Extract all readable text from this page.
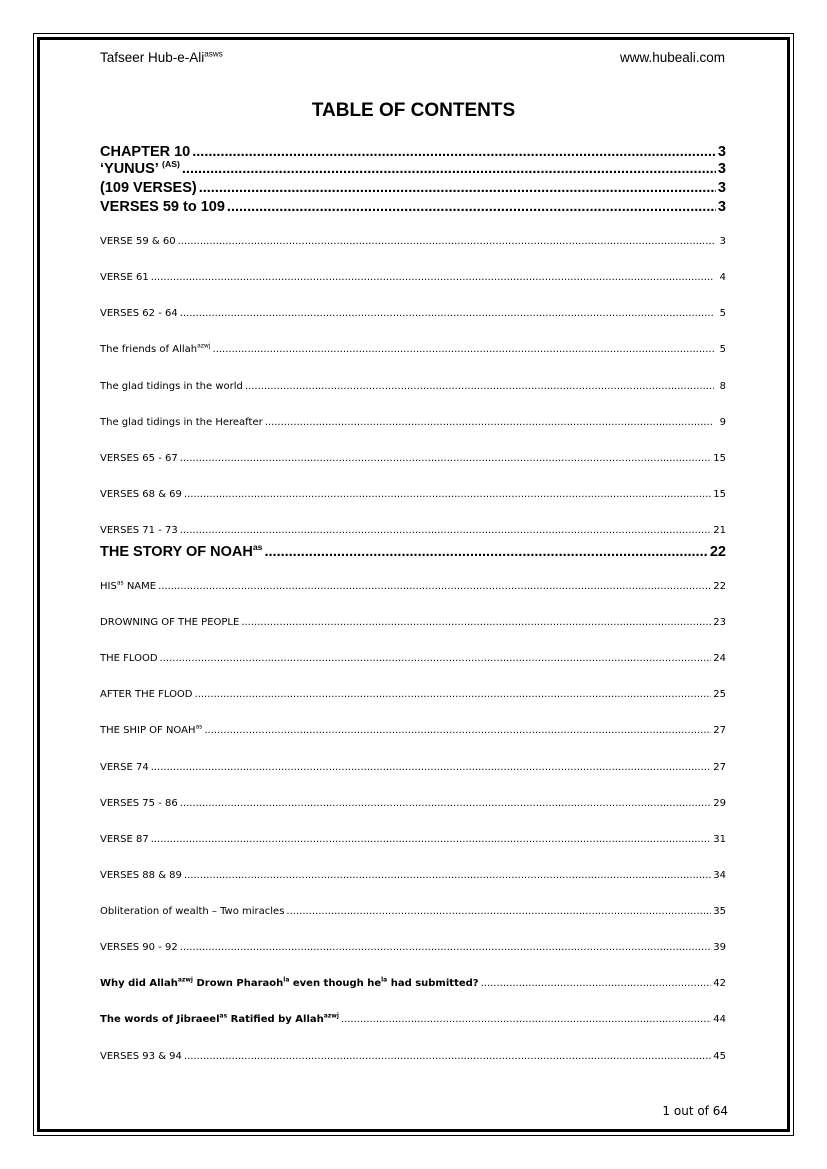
Tafseer Hub-e-Ali$^{asws}$	www.hubeali.com
TABLE OF CONTENTS
CHAPTER 10 .....	3
‘YUNUS’ $^{(AS)}$ .....	3
(109 VERSES) .....	3
VERSES 59 to 109 .....	3
VERSE 59 & 60 .....	3
VERSE 61 .....	4
VERSES 62 - 64 .....	5
The friends of Allah$^{azwj}$ .....	5
The glad tidings in the world .....	8
The glad tidings in the Hereafter .....	9
VERSES 65 - 67 .....	15
VERSES 68 & 69 .....	15
VERSES 71 - 73 .....	21
THE STORY OF $NOAH^{as}$ .....	22
$HIS^{as}$ NAME .....	22
DROWNING OF THE PEOPLE .....	23
THE FLOOD .....	24
AFTER THE FLOOD .....	25
THE SHIP OF $NOAH^{as}$ .....	27
VERSE 74 .....	27
VERSES 75 - 86 .....	29
VERSE 87 .....	31
VERSES 88 & 89 .....	34
Obliteration of wealth – Two miracles .....	35
VERSES 90 - 92 .....	39
Why did Allah$^{azwj}$ Drown Pharaoh$^{la}$ even though $he^{la}$ had submitted? .....	42
The words of Jibraeel$^{as}$ Ratified by Allah$^{azwj}$ .....	44
VERSES 93 & 94 .....	45
1 out of 64
